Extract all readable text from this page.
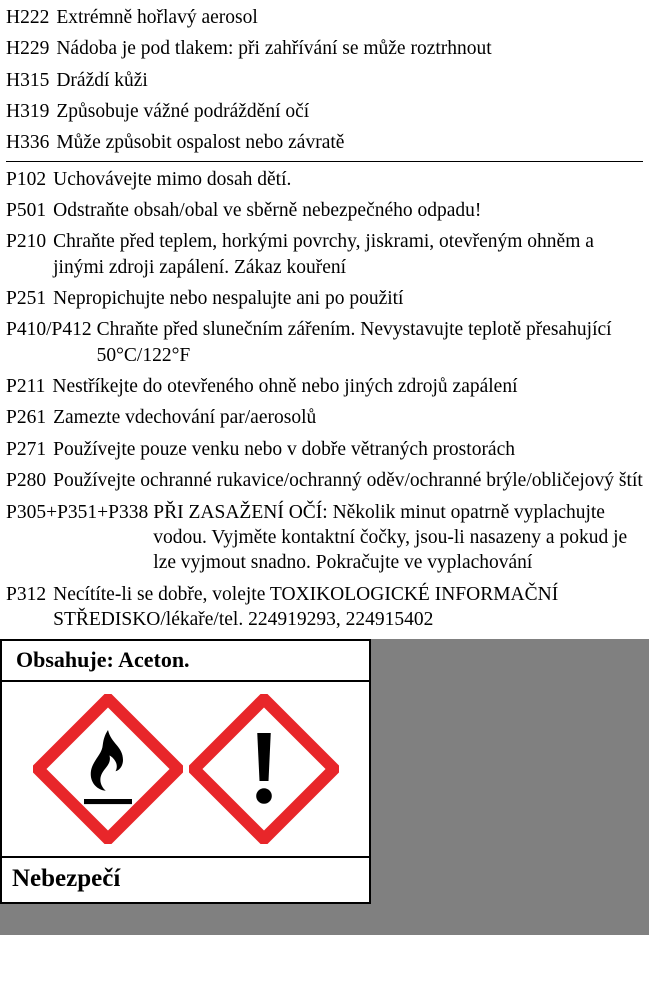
H222 Extrémně hořlavý aerosol
H229 Nádoba je pod tlakem: při zahřívání se může roztrhnout
H315 Dráždí kůži
H319 Způsobuje vážné podráždění očí
H336 Může způsobit ospalost nebo závratě
P102 Uchovávejte mimo dosah dětí.
P501 Odstraňte obsah/obal ve sběrně nebezpečného odpadu!
P210 Chraňte před teplem, horkými povrchy, jiskrami, otevřeným ohněm a jinými zdroji zapálení. Zákaz kouření
P251 Nepropichujte nebo nespalujte ani po použití
P410/P412 Chraňte před slunečním zářením. Nevystavujte teplotě přesahující 50°C/122°F
P211 Nestříkejte do otevřeného ohně nebo jiných zdrojů zapálení
P261 Zamezte vdechování par/aerosolů
P271 Používejte pouze venku nebo v dobře větraných prostorách
P280 Používejte ochranné rukavice/ochranný oděv/ochranné brýle/obličejový štít
P305+P351+P338 PŘI ZASAŽENÍ OČÍ: Několik minut opatrně vyplachujte vodou. Vyjměte kontaktní čočky, jsou-li nasazeny a pokud je lze vyjmout snadno. Pokračujte ve vyplachování
P312 Necítíte-li se dobře, volejte TOXIKOLOGICKÉ INFORMAČNÍ STŘEDISKO/lékaře/tel. 224919293, 224915402
Obsahuje: Aceton.
Nebezpečí
